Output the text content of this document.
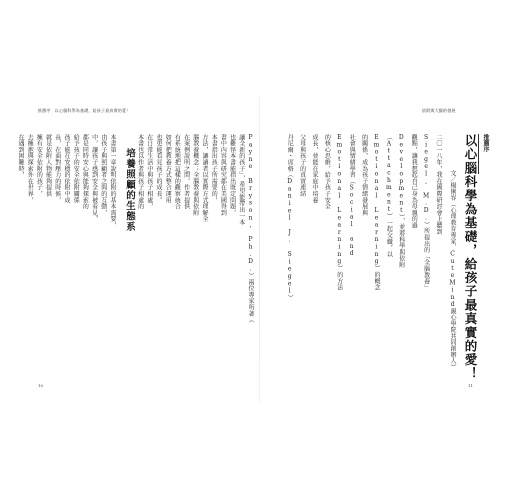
推薦序　以心腦科學為基礎，給孩子最真實的愛！
10
依附與大腦的發展
11
推薦序
以心腦科學為基礎，給孩子最真實的愛！
文／楊俐容（心理教育專家、CuteMind親心學院共同創辦人）
二〇一八年，我在國際研討會上聽到
Siegel, M.D.）所提出的「全腦教養」
觀點，讓我想起自己身為母親的過
Development），並將科學與依附
（Attachment）一起交織，以
Emotional Learning）的概念
的關係，成為孩子情緒發展與
社會與情緒學習（Social and
Emotional Learning）的方法
的核心思維，給予孩子安全
成長，並能在家庭中培養
父母與孩子的真實連結
丹尼爾・席格（Daniel J. Siegel）
培養照顧的生態系	Payne Bryson, Ph.D.）兩位專家所著《
讓全新的孩子」，希望能帶出一本
也難怪本書能指出既定問題，
書中內容與研究都在美國得到
本書指出孩子所需要的，
方法，讓讀者以實際方式理解全
腦教養概念；全腦教養與依附
在案例說明之間，作者提供
有系統地把這樣的觀察統合
如何把教養方式整合運用
也更能看見孩子的成長。
在日常生活中與孩子相處，
本書也以作者與孩子相處的
本書第一章說明依附的基本需要，
由孩子與照顧者之間的互動，
中，讓孩子感到安全與被看見，
都是同時安心與能夠探索的
給予孩子的安全依附關係
孩子能在安穩的依附中成
長，在面對壓力的時候，
就是依附人物能夠提供
擁有安全依附的孩子，
去擁抱與探索外在世界，
在遇到困難時，
